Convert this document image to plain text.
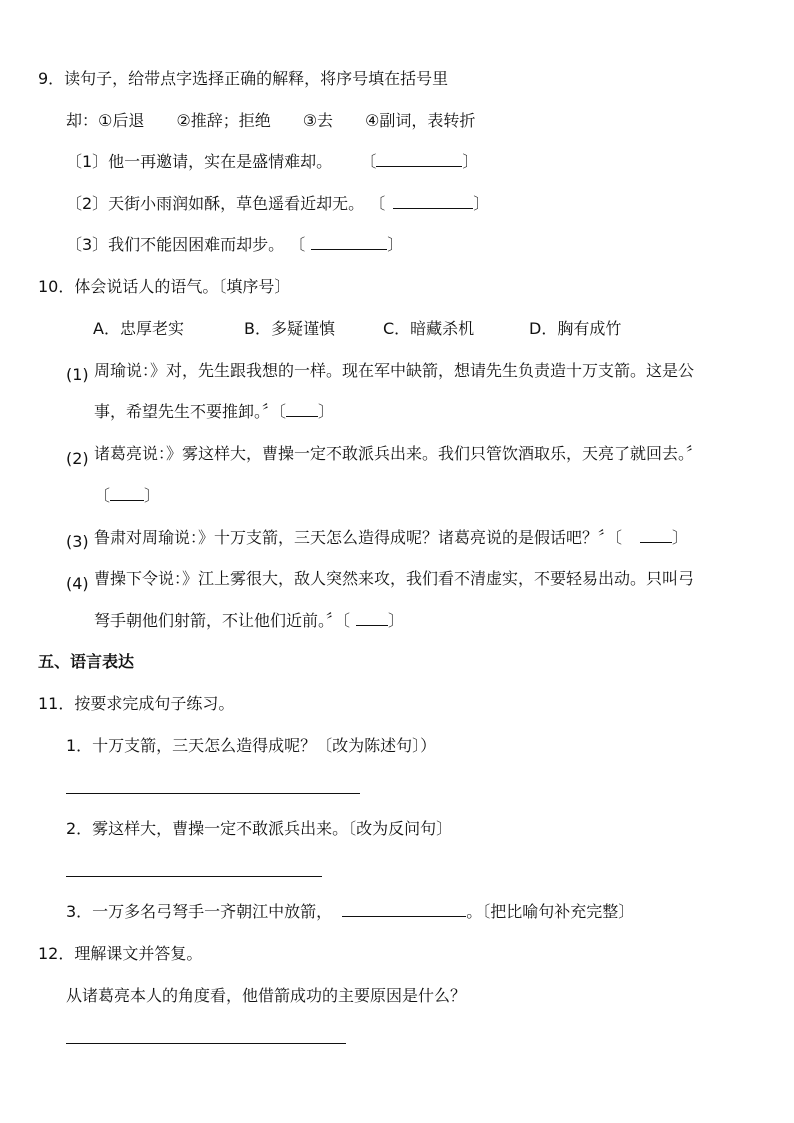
9．读句子，给带点字选择正确的解释，将序号填在括号里
却：①后退　　②推辞；拒绝　　③去　　④副词，表转折
〔1〕他一再邀请，实在是盛情难却。 〔	〕
〔2〕天街小雨润如酥，草色遥看近却无。 〔	〕
〔3〕我们不能因困难而却步。 〔	〕
10．体会说话人的语气。〔填序号〕
A．忠厚老实	B．多疑谨慎	C．暗藏杀机	D．胸有成竹
(1) 周瑜说：》对，先生跟我想的一样。现在军中缺箭，想请先生负责造十万支箭。这是公
事，希望先生不要推卸。〞〔 〕
(2) 诸葛亮说：》雾这样大，曹操一定不敢派兵出来。我们只管饮酒取乐，天亮了就回去。〞
〔 〕
(3) 鲁肃对周瑜说：》十万支箭，三天怎么造得成呢？诸葛亮说的是假话吧？〞〔	〕
(4) 曹操下令说：》江上雾很大，敌人突然来攻，我们看不清虚实，不要轻易出动。只叫弓
弩手朝他们射箭，不让他们近前。〞〔 〕
五、语言表达
11．按要求完成句子练习。
1．十万支箭，三天怎么造得成呢？〔改为陈述句〕）
2．雾这样大，曹操一定不敢派兵出来。〔改为反问句〕
3．一万多名弓弩手一齐朝江中放箭，	。〔把比喻句补充完整〕
12．理解课文并答复。
从诸葛亮本人的角度看，他借箭成功的主要原因是什么？
